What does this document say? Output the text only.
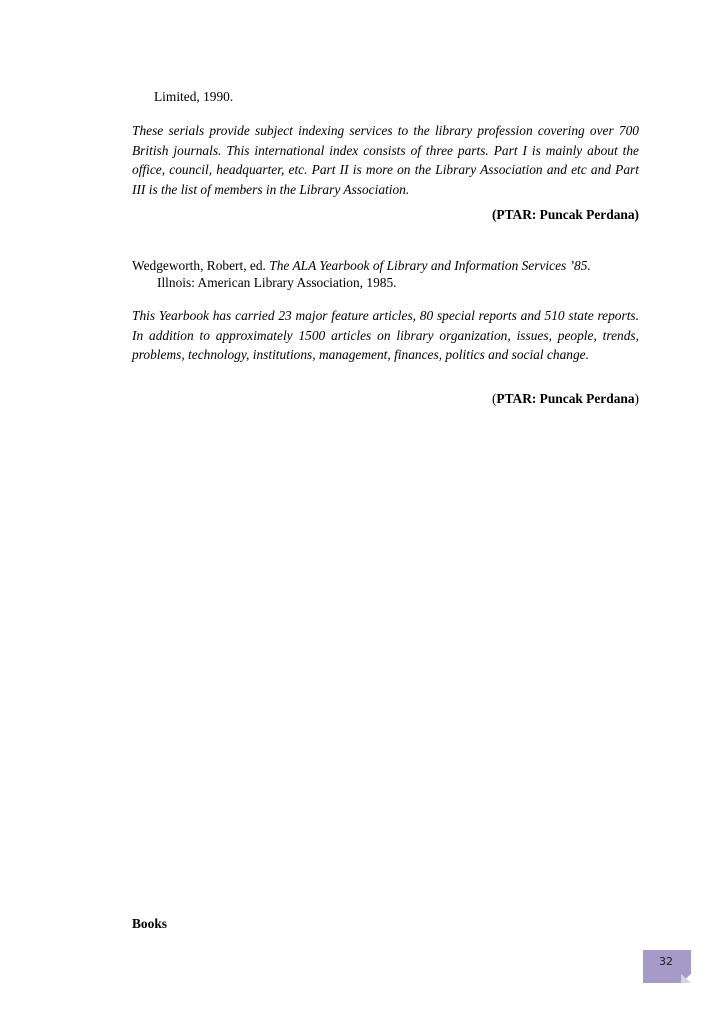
Limited, 1990.
These serials provide subject indexing services to the library profession covering over 700 British journals. This international index consists of three parts. Part I is mainly about the office, council, headquarter, etc. Part II is more on the Library Association and etc and Part III is the list of members in the Library Association.
(PTAR: Puncak Perdana)
Wedgeworth, Robert, ed. The ALA Yearbook of Library and Information Services ’85.
Illnois: American Library Association, 1985.
This Yearbook has carried 23 major feature articles, 80 special reports and 510 state reports. In addition to approximately 1500 articles on library organization, issues, people, trends, problems, technology, institutions, management, finances, politics and social change.
(PTAR: Puncak Perdana)
Books
32
